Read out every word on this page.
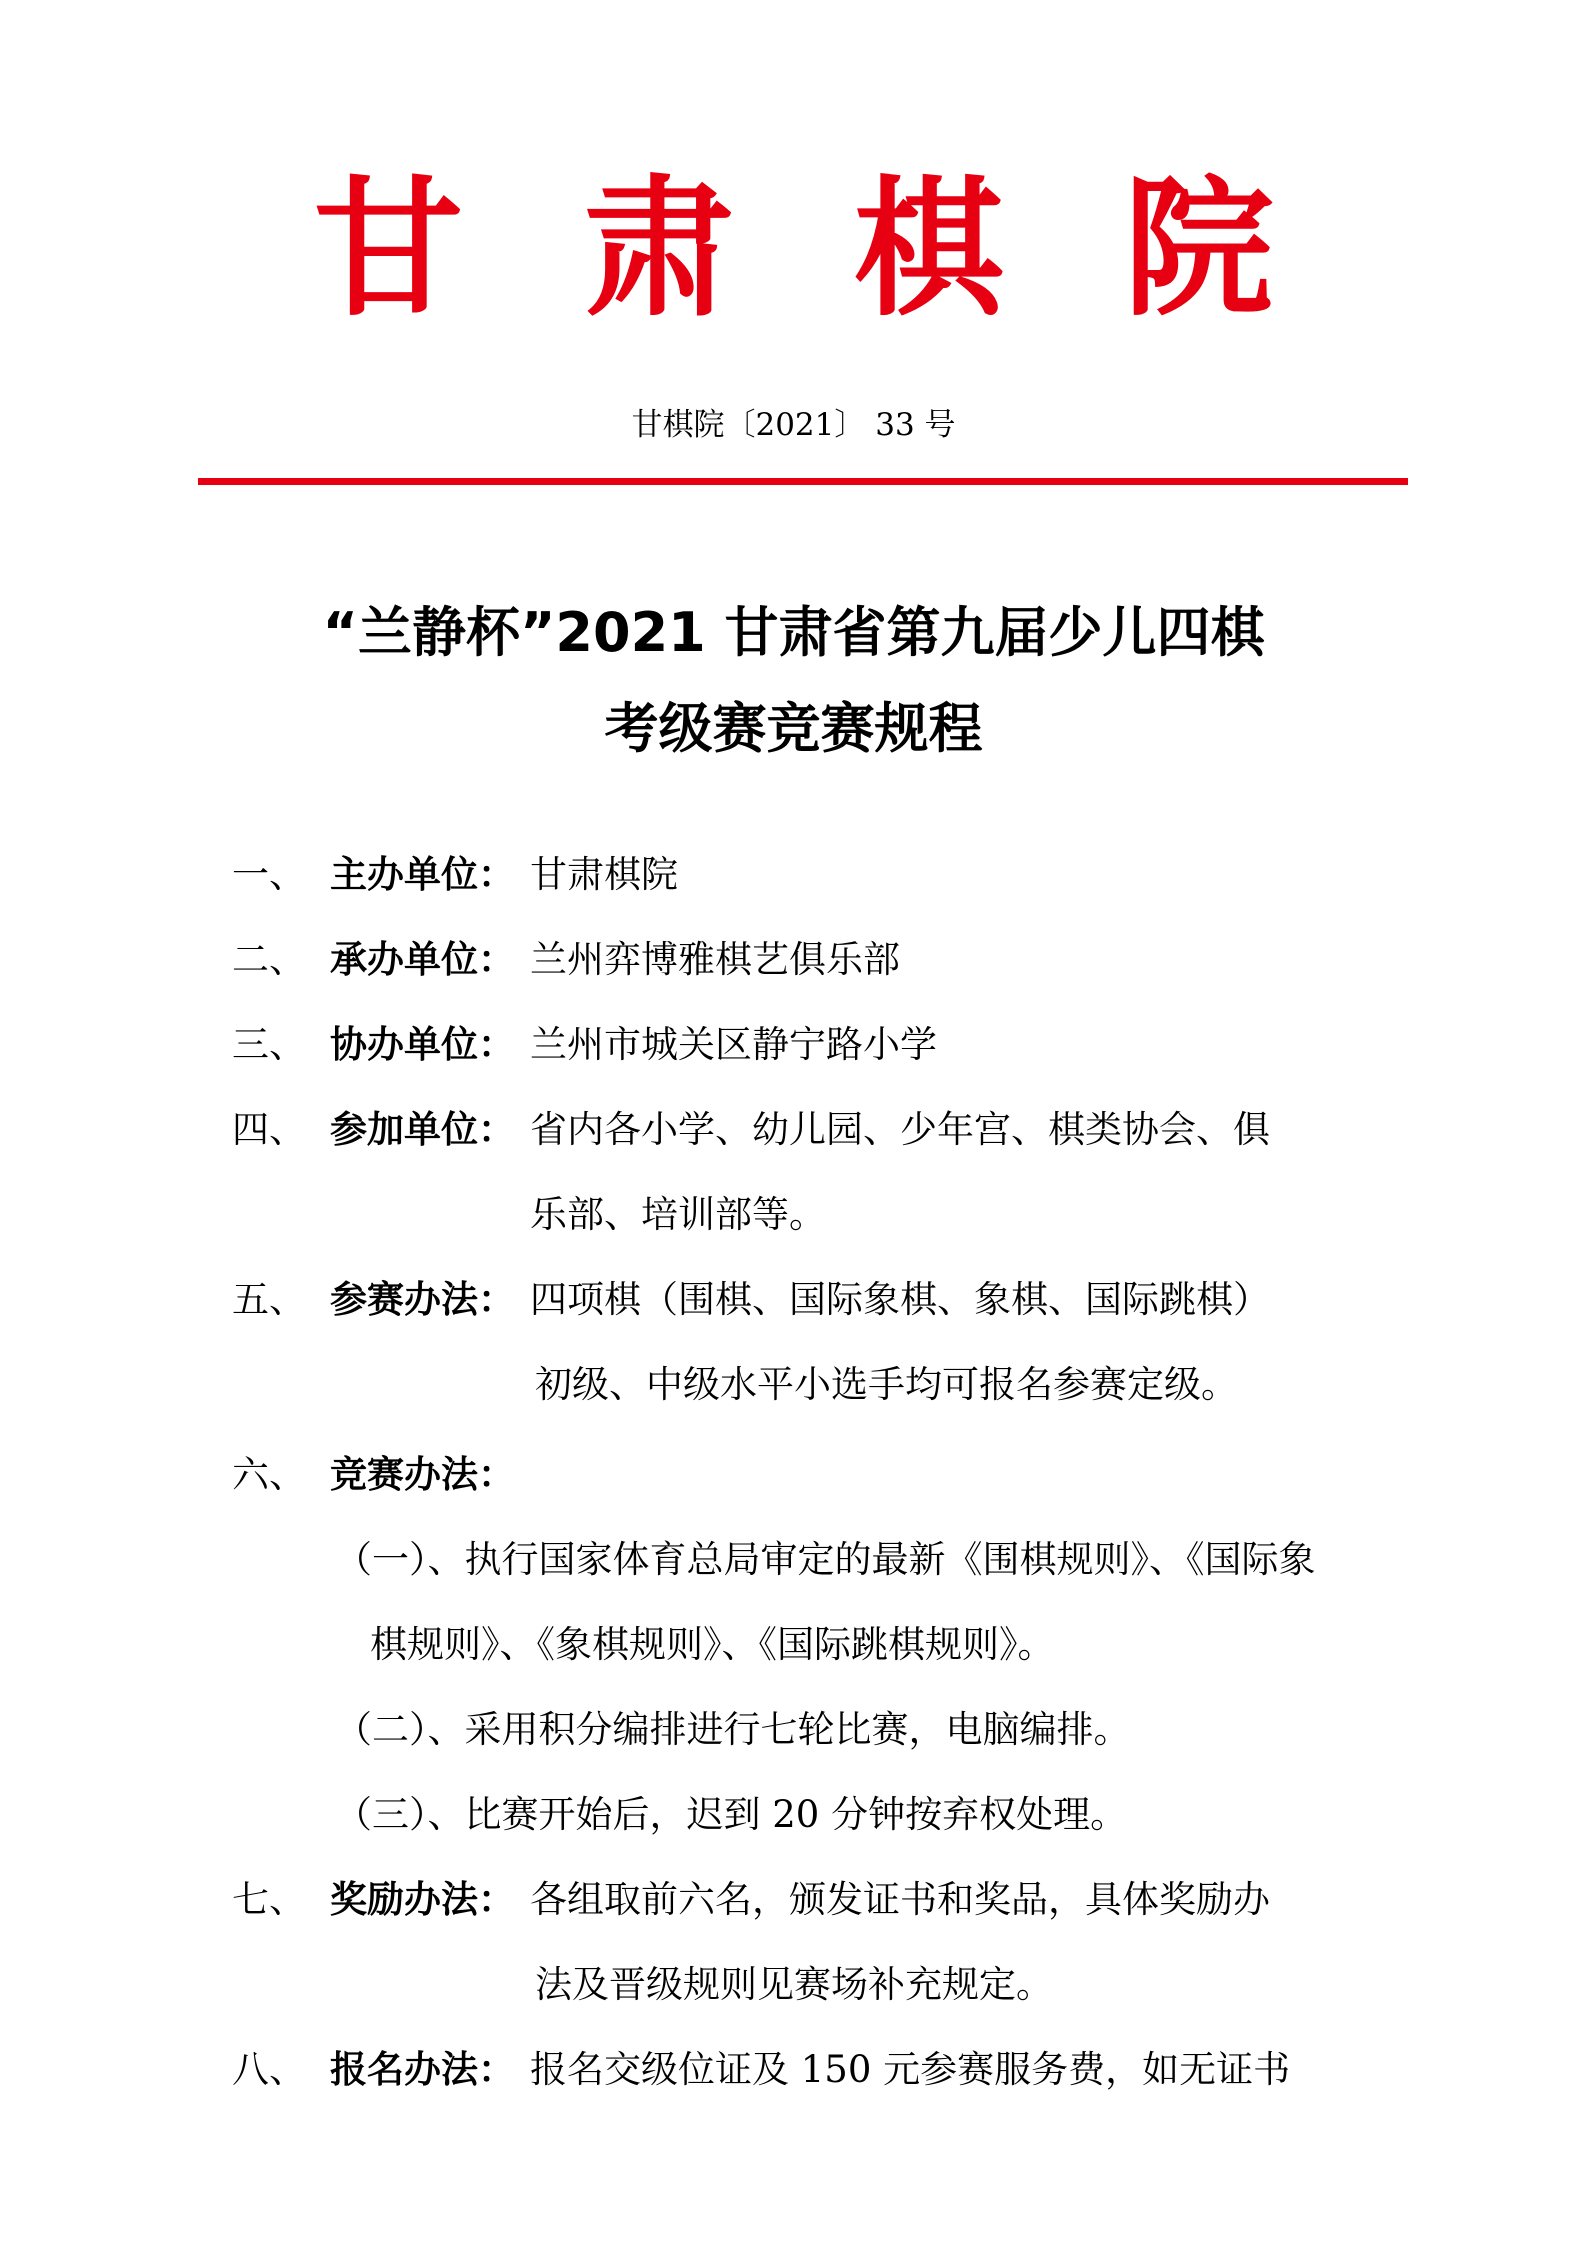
甘肃棋院
甘棋院〔2021〕 33 号
“兰静杯”2021 甘肃省第九届少儿四棋
考级赛竞赛规程
一、 主办单位： 甘肃棋院
二、 承办单位： 兰州弈博雅棋艺俱乐部
三、 协办单位： 兰州市城关区静宁路小学
四、 参加单位： 省内各小学、幼儿园、少年宫、棋类协会、俱
乐部、培训部等。
五、 参赛办法： 四项棋（围棋、国际象棋、象棋、国际跳棋）
初级、中级水平小选手均可报名参赛定级。
六、 竞赛办法：
（一）、执行国家体育总局审定的最新《围棋规则》、《国际象
棋规则》、《象棋规则》、《国际跳棋规则》。
（二）、采用积分编排进行七轮比赛，电脑编排。
（三）、比赛开始后，迟到 20 分钟按弃权处理。
七、 奖励办法： 各组取前六名，颁发证书和奖品，具体奖励办
法及晋级规则见赛场补充规定。
八、 报名办法： 报名交级位证及 150 元参赛服务费，如无证书
